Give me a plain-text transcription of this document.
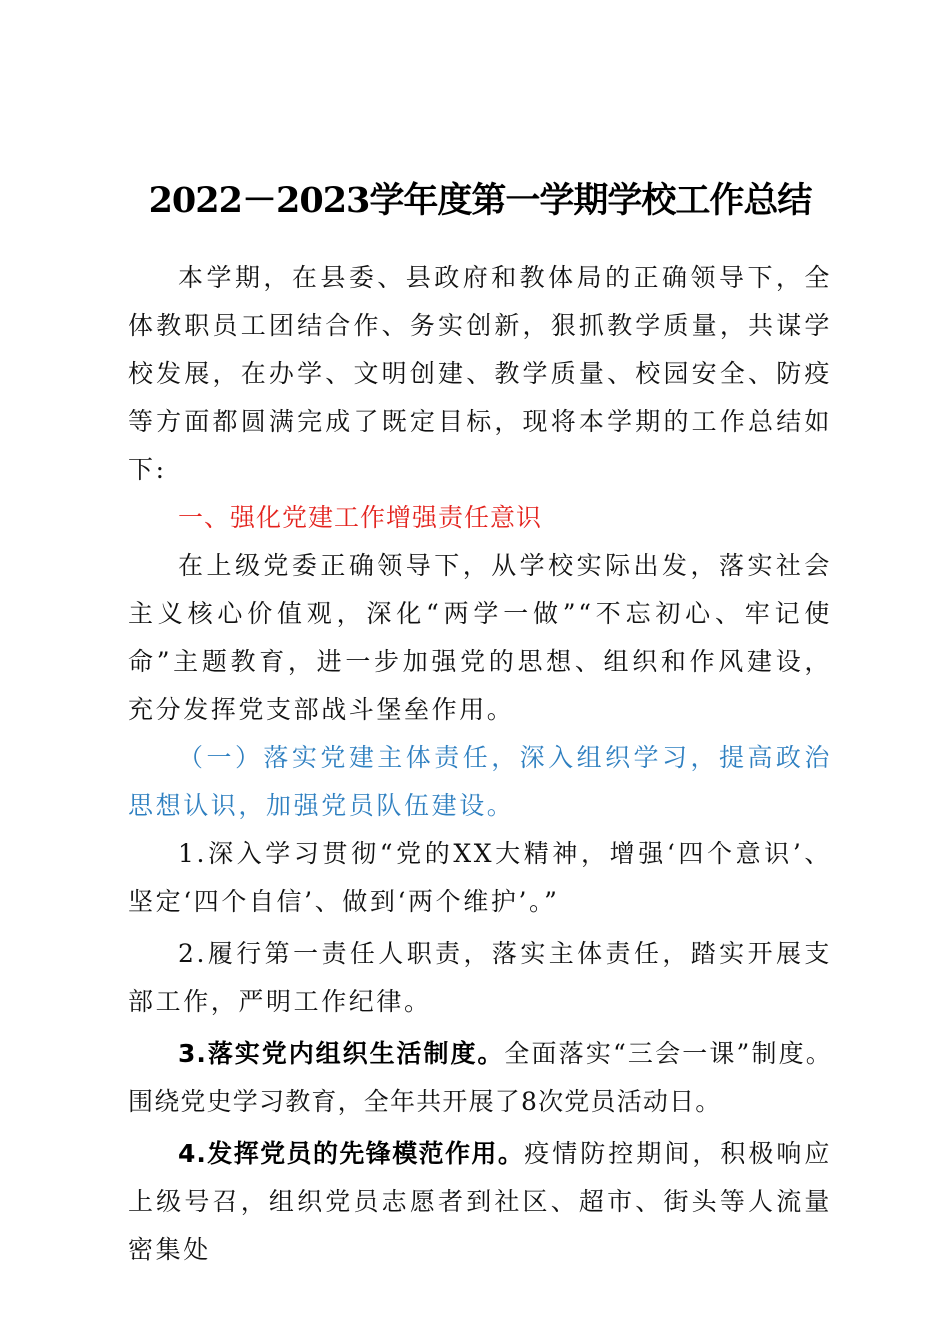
2022－2023学年度第一学期学校工作总结

本学期，在县委、县政府和教体局的正确领导下，全体教职员工团结合作、务实创新，狠抓教学质量，共谋学校发展，在办学、文明创建、教学质量、校园安全、防疫等方面都圆满完成了既定目标，现将本学期的工作总结如下:

一、强化党建工作增强责任意识

在上级党委正确领导下，从学校实际出发，落实社会主义核心价值观，深化“两学一做”“不忘初心、牢记使命”主题教育，进一步加强党的思想、组织和作风建设，充分发挥党支部战斗堡垒作用。

（一）落实党建主体责任，深入组织学习，提高政治思想认识，加强党员队伍建设。

1.深入学习贯彻“党的XX大精神，增强‘四个意识’、坚定‘四个自信’、做到‘两个维护’。”

2.履行第一责任人职责，落实主体责任，踏实开展支部工作，严明工作纪律。

3.落实党内组织生活制度。全面落实“三会一课”制度。围绕党史学习教育，全年共开展了8次党员活动日。

4.发挥党员的先锋模范作用。疫情防控期间，积极响应上级号召，组织党员志愿者到社区、超市、街头等人流量密集处
